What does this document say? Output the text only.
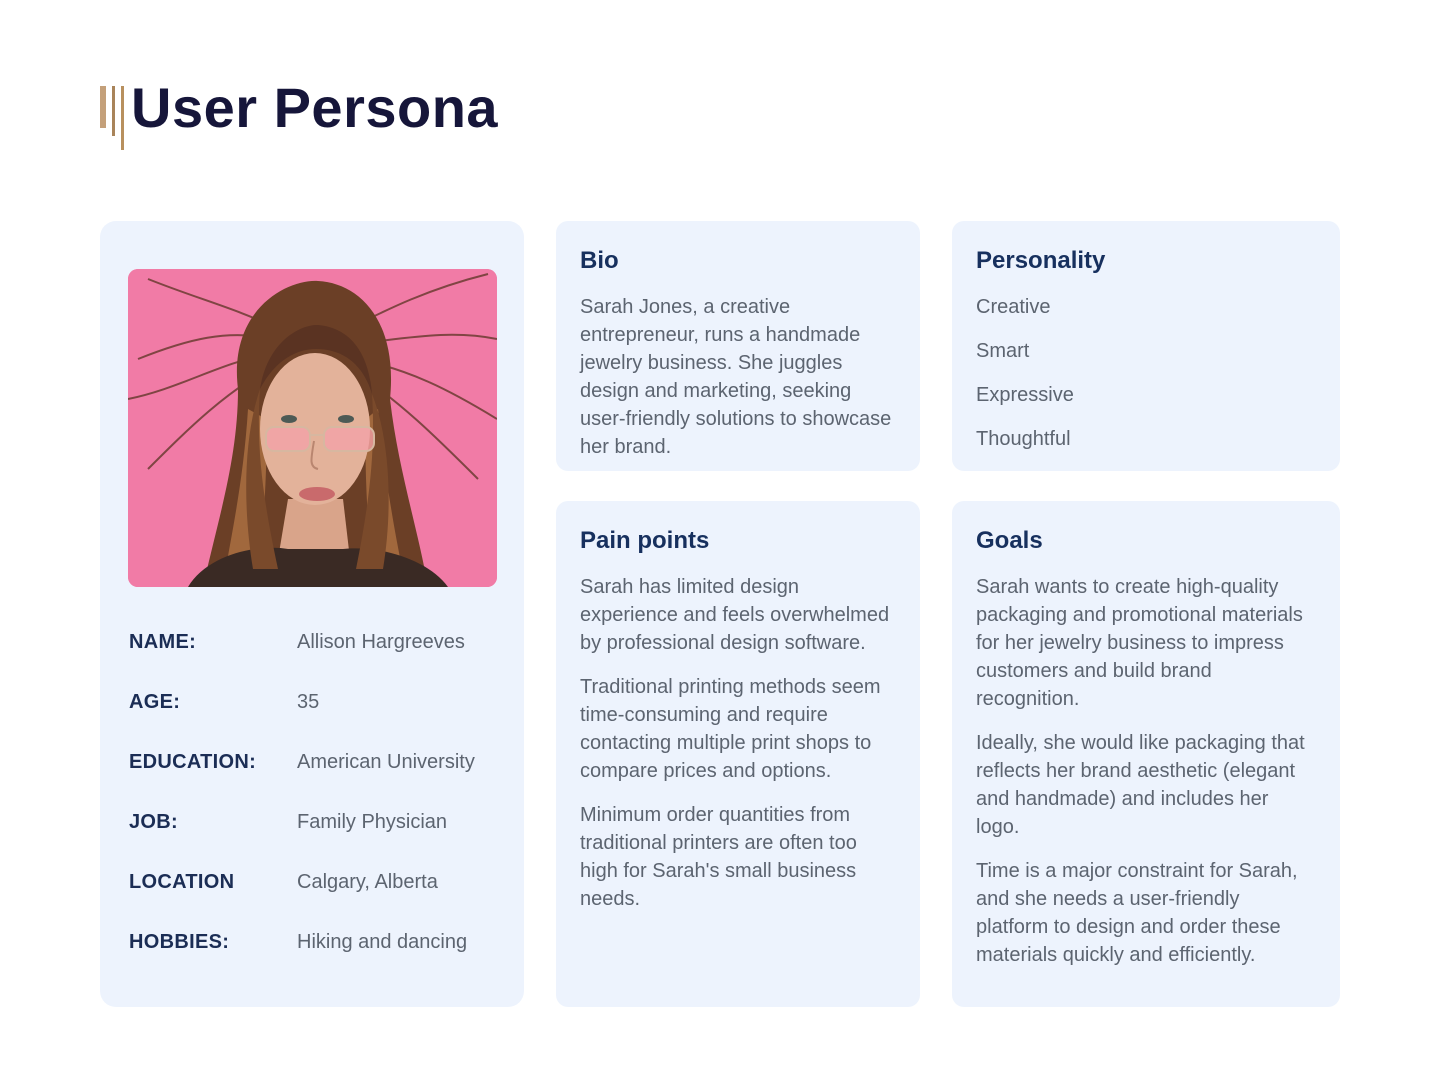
User Persona
NAME:	Allison Hargreeves
AGE:	35
EDUCATION: American University
JOB:	Family Physician
LOCATION	Calgary, Alberta
HOBBIES:	Hiking and dancing
Bio

Sarah Jones, a creative entrepreneur, runs a handmade jewelry business. She juggles design and marketing, seeking user-friendly solutions to showcase her brand.

Personality
Creative
Smart
Expressive
Thoughtful
Pain points

Sarah has limited design experience and feels overwhelmed by professional design software.

Traditional printing methods seem time-consuming and require contacting multiple print shops to compare prices and options.

Minimum order quantities from traditional printers are often too high for Sarah's small business needs.

Goals

Sarah wants to create high-quality packaging and promotional materials for her jewelry business to impress customers and build brand recognition.

Ideally, she would like packaging that reflects her brand aesthetic (elegant and handmade) and includes her logo.

Time is a major constraint for Sarah, and she needs a user-friendly platform to design and order these materials quickly and efficiently.
